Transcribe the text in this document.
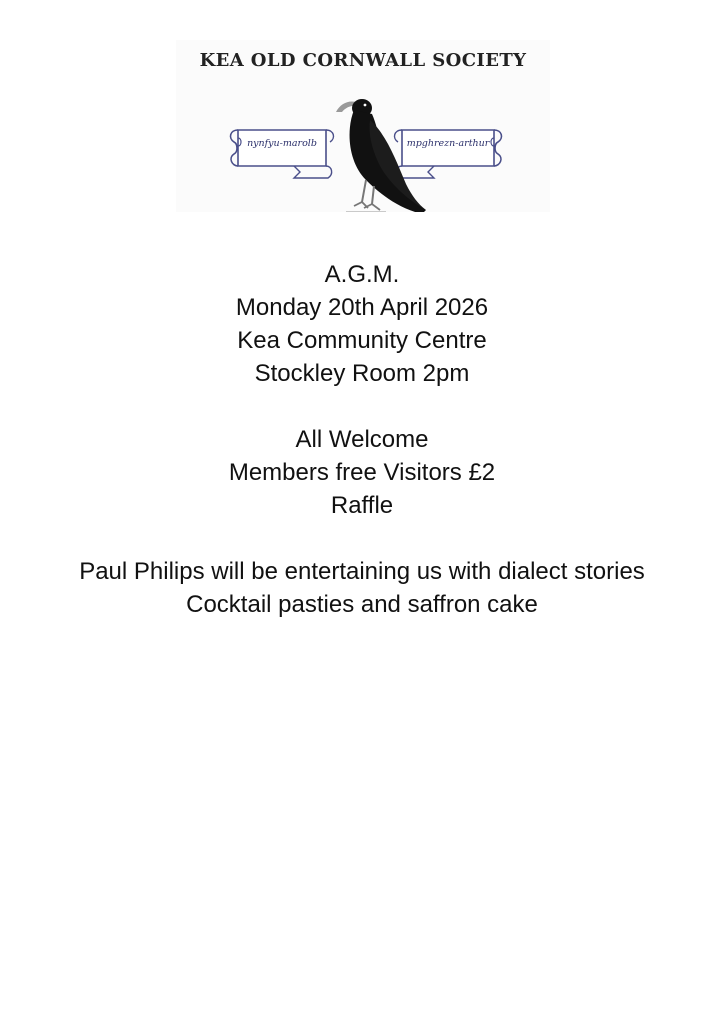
KEA OLD CORNWALL SOCIETY
nynfyu-marolb	mpghrezn-arthur
A.G.M.
Monday 20th April 2026
Kea Community Centre
Stockley Room 2pm
All Welcome
Members free Visitors £2
Raffle
Paul Philips will be entertaining us with dialect stories
Cocktail pasties and saffron cake
